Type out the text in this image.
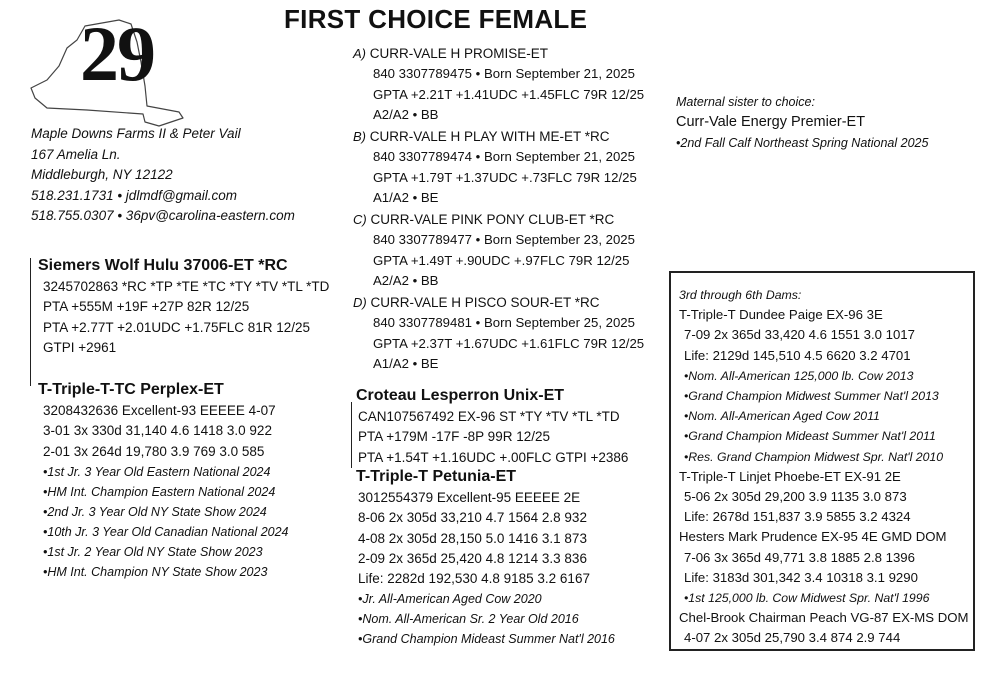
FIRST CHOICE FEMALE
29
Maple Downs Farms II & Peter Vail
167 Amelia Ln.
Middleburgh, NY 12122
518.231.1731 • jdlmdf@gmail.com
518.755.0307 • 36pv@carolina-eastern.com
Siemers Wolf Hulu 37006-ET *RC
3245702863 *RC *TP *TE *TC *TY *TV *TL *TD
PTA +555M +19F +27P 82R 12/25
PTA +2.77T +2.01UDC +1.75FLC 81R 12/25
GTPI +2961
T-Triple-T-TC Perplex-ET
3208432636 Excellent-93 EEEEE 4-07
3-01 3x 330d 31,140 4.6 1418 3.0 922
2-01 3x 264d 19,780 3.9 769 3.0 585
•1st Jr. 3 Year Old Eastern National 2024
•HM Int. Champion Eastern National 2024
•2nd Jr. 3 Year Old NY State Show 2024
•10th Jr. 3 Year Old Canadian National 2024
•1st Jr. 2 Year Old NY State Show 2023
•HM Int. Champion NY State Show 2023
A) CURR-VALE H PROMISE-ET
840 3307789475 • Born September 21, 2025
GPTA +2.21T +1.41UDC +1.45FLC 79R 12/25
A2/A2 • BB
B) CURR-VALE H PLAY WITH ME-ET *RC
840 3307789474 • Born September 21, 2025
GPTA +1.79T +1.37UDC +.73FLC 79R 12/25
A1/A2 • BE
C) CURR-VALE PINK PONY CLUB-ET *RC
840 3307789477 • Born September 23, 2025
GPTA +1.49T +.90UDC +.97FLC 79R 12/25
A2/A2 • BB
D) CURR-VALE H PISCO SOUR-ET *RC
840 3307789481 • Born September 25, 2025
GPTA +2.37T +1.67UDC +1.61FLC 79R 12/25
A1/A2 • BE
Maternal sister to choice:
Curr-Vale Energy Premier-ET
•2nd Fall Calf Northeast Spring National 2025
Croteau Lesperron Unix-ET
CAN107567492 EX-96 ST *TY *TV *TL *TD
PTA +179M -17F -8P 99R 12/25
PTA +1.54T +1.16UDC +.00FLC GTPI +2386
T-Triple-T Petunia-ET
3012554379 Excellent-95 EEEEE 2E
8-06 2x 305d 33,210 4.7 1564 2.8 932
4-08 2x 305d 28,150 5.0 1416 3.1 873
2-09 2x 365d 25,420 4.8 1214 3.3 836
Life: 2282d 192,530 4.8 9185 3.2 6167
•Jr. All-American Aged Cow 2020
•Nom. All-American Sr. 2 Year Old 2016
•Grand Champion Mideast Summer Nat'l 2016
3rd through 6th Dams:
T-Triple-T Dundee Paige EX-96 3E
7-09 2x 365d 33,420 4.6 1551 3.0 1017
Life: 2129d 145,510 4.5 6620 3.2 4701
•Nom. All-American 125,000 lb. Cow 2013
•Grand Champion Midwest Summer Nat'l 2013
•Nom. All-American Aged Cow 2011
•Grand Champion Mideast Summer Nat'l 2011
•Res. Grand Champion Midwest Spr. Nat'l 2010
T-Triple-T Linjet Phoebe-ET EX-91 2E
5-06 2x 305d 29,200 3.9 1135 3.0 873
Life: 2678d 151,837 3.9 5855 3.2 4324
Hesters Mark Prudence EX-95 4E GMD DOM
7-06 3x 365d 49,771 3.8 1885 2.8 1396
Life: 3183d 301,342 3.4 10318 3.1 9290
•1st 125,000 lb. Cow Midwest Spr. Nat'l 1996
Chel-Brook Chairman Peach VG-87 EX-MS DOM
4-07 2x 305d 25,790 3.4 874 2.9 744
